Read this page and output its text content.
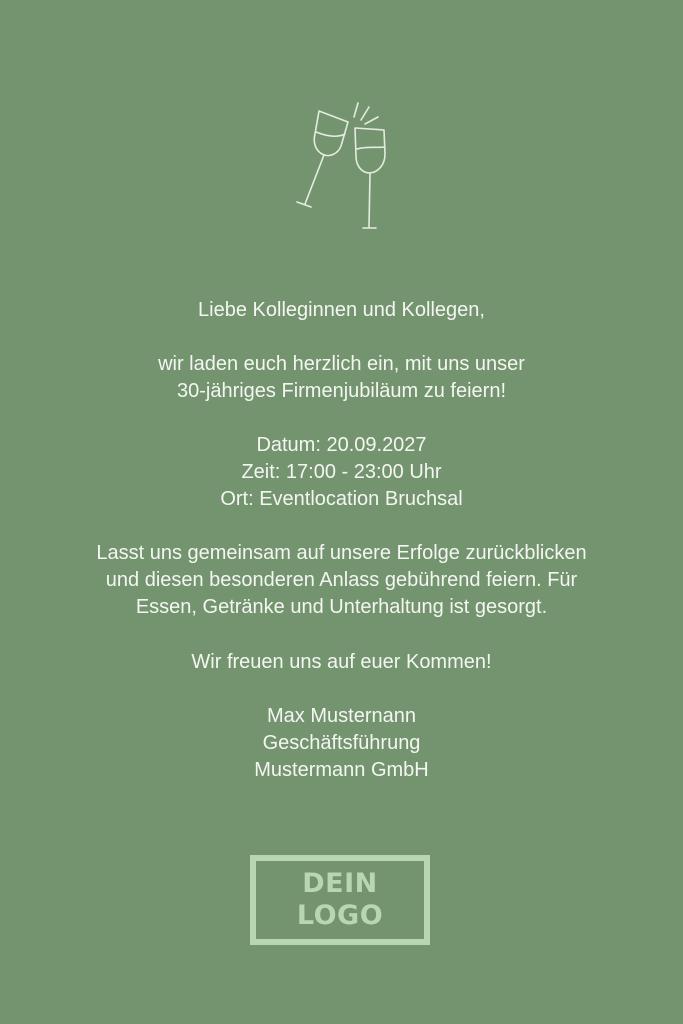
Liebe Kolleginnen und Kollegen,
wir laden euch herzlich ein, mit uns unser
30-jähriges Firmenjubiläum zu feiern!
Datum: 20.09.2027
Zeit: 17:00 - 23:00 Uhr
Ort: Eventlocation Bruchsal
Lasst uns gemeinsam auf unsere Erfolge zurückblicken
und diesen besonderen Anlass gebührend feiern. Für
Essen, Getränke und Unterhaltung ist gesorgt.
Wir freuen uns auf euer Kommen!
Max Musternann
Geschäftsführung
Mustermann GmbH
DEIN
LOGO
